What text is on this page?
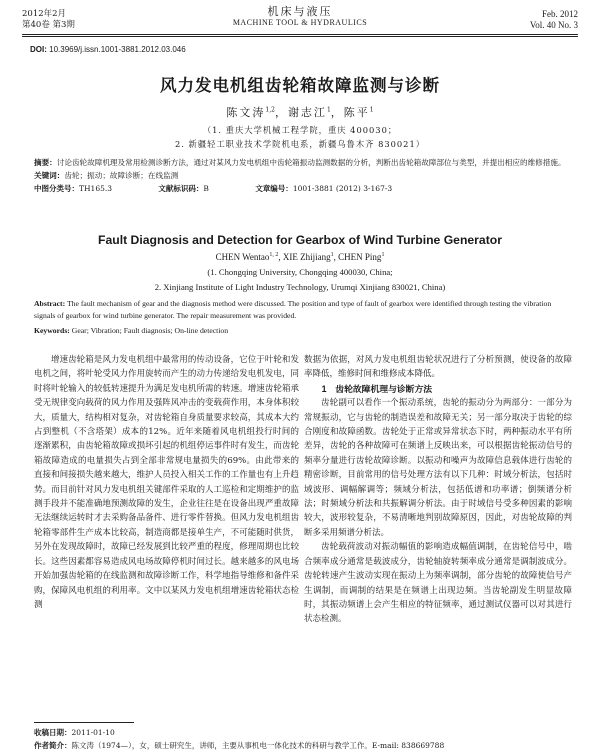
2012年2月
第40卷 第3期
机床与液压
MACHINE TOOL & HYDRAULICS
Feb. 2012
Vol. 40 No. 3
DOI: 10.3969/j.issn.1001-3881.2012.03.046
风力发电机组齿轮箱故障监测与诊断
陈文涛$^{1,2}$，谢志江$^1$，陈平$^1$
（1. 重庆大学机械工程学院，重庆 400030；
2. 新疆轻工职业技术学院机电系，新疆乌鲁木齐 830021）
摘要：讨论齿轮故障机理及常用检测诊断方法，通过对某风力发电机组中齿轮箱振动监测数据的分析，判断出齿轮箱故障部位与类型，并提出相应的维修措施。
关键词：齿轮；振动；故障诊断；在线监测
中图分类号：TH165.3	文献标识码：B	文章编号：1001-3881 (2012) 3-167-3
Fault Diagnosis and Detection for Gearbox of Wind Turbine Generator
CHEN Wentao$^{1, 2}$, XIE Zhijiang$^1$, CHEN Ping$^1$
(1. Chongqing University, Chongqing 400030, China;
2. Xinjiang Institute of Light Industry Technology, Urumqi Xinjiang 830021, China)
Abstract: The fault mechanism of gear and the diagnosis method were discussed. The position and type of fault of gearbox were identified through testing the vibration signals of gearbox for wind turbine generator. The repair measurement was provided.
Keywords: Gear; Vibration; Fault diagnosis; On-line detection

增速齿轮箱是风力发电机组中最常用的传动设备，它位于叶轮和发电机之间，将叶轮受风力作用旋转而产生的动力传递给发电机发电，同时将叶轮输入的较低转速提升为满足发电机所需的转速。增速齿轮箱承受无规律变向载荷的风力作用及强阵风冲击的变载荷作用，本身体积较大，质量大，结构相对复杂，对齿轮箱自身质量要求较高，其成本大约占到整机（不含塔架）成本的12%。近年来随着风电机组投行时间的逐渐累积，由齿轮箱故障或损坏引起的机组停运事件时有发生，而齿轮箱故障造成的电量损失占到全部非常规电量损失的69%。由此带来的直接和间接损失越来越大，维护人员投入相关工作的工作量也有上升趋势。而目前针对风力发电机组关键部件采取的人工巡检和定期维护的监测手段并不能准确地预测故障的发生，企业往往是在设备出现严重故障无法继续运转时才去采购备品备件、进行零件替换。但风力发电机组齿轮箱零部件生产成本比较高，制造商都是接单生产，不可能随时供货，另外在发现故障时，故障已经发展到比较严重的程度，修理周期也比较长。这些因素都容易造成风电场故障停机时间过长。越来越多的风电场开始加强齿轮箱的在线监测和故障诊断工作，科学地指导维修和备件采购，保障风电机组的利用率。文中以某风力发电机组增速齿轮箱状态检测

数据为依据，对风力发电机组齿轮状况进行了分析预测，使设备的故障率降低，维修时间和维修成本降低。

1　齿轮故障机理与诊断方法

齿轮副可以看作一个振动系统，齿轮的振动分为两部分：一部分为常规振动，它与齿轮的制造误差和故障无关；另一部分取决于齿轮的综合刚度和故障函数。齿轮处于正常或异常状态下时，两种振动水平有所差异，齿轮的各种故障可在频谱上反映出来，可以根据齿轮振动信号的频率分量进行齿轮故障诊断。以振动和噪声为故障信息载体进行齿轮的精密诊断，目前常用的信号处理方法有以下几种：时域分析法，包括时域波形、调幅解调等；频域分析法，包括低谱和功率谱；倒频谱分析法；时频域分析法和共振解调分析法。由于时域信号受多种因素的影响较大，波形较复杂，不易清晰地判别故障原因，因此，对齿轮故障的判断多采用频谱分析法。

齿轮载荷波动对振动幅值的影响造成幅值调制，在齿轮信号中，啮合频率成分通常是载波成分，齿轮轴旋转频率成分通常是调制波成分。齿轮转速产生波动实现在振动上为频率调制，部分齿轮的故障使信号产生调制，而调制的结果是在频谱上出现边频。当齿轮副发生明显故障时，其振动频谱上会产生相应的特征频率，通过测试仪器可以对其进行状态检测。

收稿日期：2011-01-10
作者简介：陈文涛（1974—），女，硕士研究生，讲师，主要从事机电一体化技术的科研与教学工作。E-mail: 838669788
